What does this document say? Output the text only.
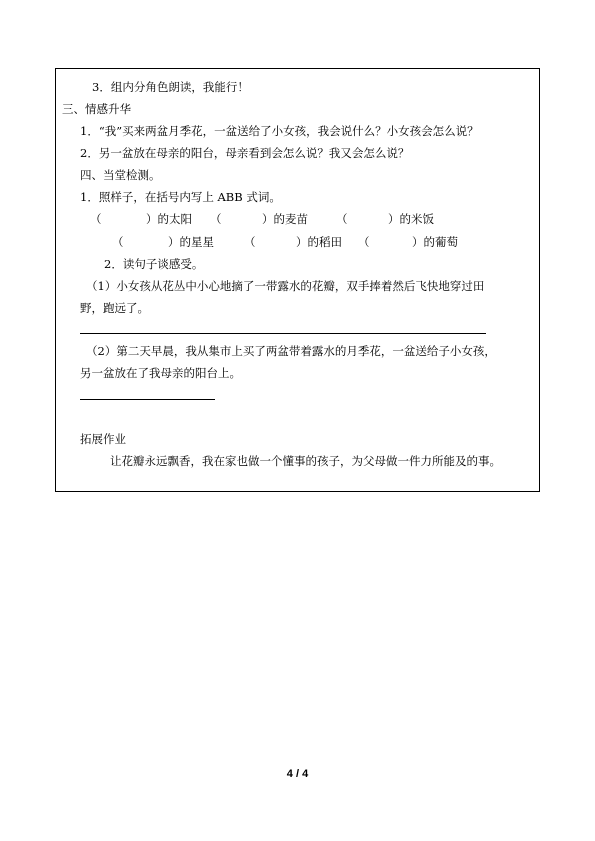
3．组内分角色朗读，我能行！
三、情感升华
1．“我”买来两盆月季花，一盆送给了小女孩，我会说什么？小女孩会怎么说？
2．另一盆放在母亲的阳台，母亲看到会怎么说？我又会怎么说？
四、当堂检测。
1．照样子，在括号内写上 ABB 式词。
（	）的太阳 （	）的麦苗 （	）的米饭
（	）的星星	（	）的稻田 （	）的葡萄
2．读句子谈感受。
（1）小女孩从花丛中小心地摘了一带露水的花瓣，双手捧着然后飞快地穿过田
野，跑远了。
（2）第二天早晨，我从集市上买了两盆带着露水的月季花，一盆送给子小女孩，
另一盆放在了我母亲的阳台上。
拓展作业
让花瓣永远飘香，我在家也做一个懂事的孩子，为父母做一件力所能及的事。
4 / 4
